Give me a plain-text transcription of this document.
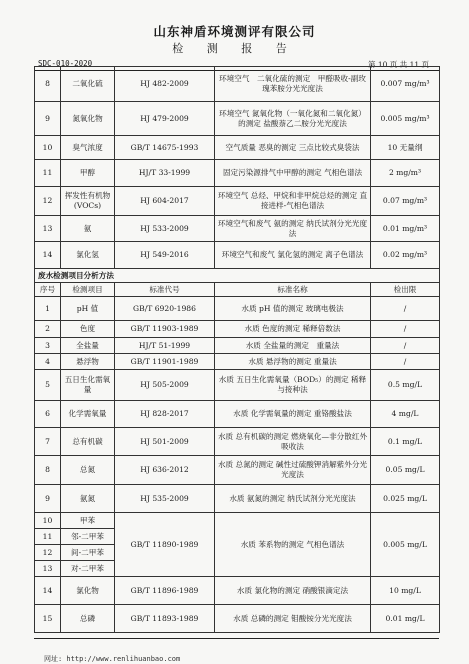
山东神盾环境测评有限公司
检 测 报 告
SDC-010-2020	第 10 页 共 11 页
8	二氧化硫	HJ 482-2009	环境空气　二氧化硫的测定　甲醛吸收-副玫瑰苯胺分光光度法	0.007 mg/m³
9	氮氧化物	HJ 479-2009	环境空气 氮氧化物（一氧化氮和二氧化氮）的测定 盐酸萘乙二胺分光光度法	0.005 mg/m³
10	臭气浓度	GB/T 14675-1993	空气质量 恶臭的测定 三点比较式臭袋法	10 无量纲
11	甲醇	HJ/T 33-1999	固定污染源排气中甲醇的测定 气相色谱法	2 mg/m³
12	挥发性有机物(VOCs)	HJ 604-2017	环境空气 总烃、甲烷和非甲烷总烃的测定 直接进样-气相色谱法	0.07 mg/m³
13	氨	HJ 533-2009	环境空气和废气 氨的测定 纳氏试剂分光光度法	0.01 mg/m³
14	氯化氢	HJ 549-2016	环境空气和废气 氯化氢的测定 离子色谱法	0.02 mg/m³
废水检测项目分析方法				
序号	检测项目	标准代号	标准名称	检出限
1	pH 值	GB/T 6920-1986	水质 pH 值的测定 玻璃电极法	/
2	色度	GB/T 11903-1989	水质 色度的测定 稀释倍数法	/
3	全盐量	HJ/T 51-1999	水质 全盐量的测定　重量法	/
4	悬浮物	GB/T 11901-1989	水质 悬浮物的测定 重量法	/
5	五日生化需氧量	HJ 505-2009	水质 五日生化需氧量（BOD₅）的测定 稀释与接种法	0.5 mg/L
6	化学需氧量	HJ 828-2017	水质 化学需氧量的测定 重铬酸盐法	4 mg/L
7	总有机碳	HJ 501-2009	水质 总有机碳的测定 燃烧氧化—非分散红外吸收法	0.1 mg/L
8	总氮	HJ 636-2012	水质 总氮的测定 碱性过硫酸钾消解紫外分光光度法	0.05 mg/L
9	氨氮	HJ 535-2009	水质 氨氮的测定 纳氏试剂分光光度法	0.025 mg/L
10	甲苯	GB/T 11890-1989	水质 苯系物的测定 气相色谱法	0.005 mg/L
11	邻-二甲苯			
12	间-二甲苯			
13	对-二甲苯			
14	氯化物	GB/T 11896-1989	水质 氯化物的测定 硝酸银滴定法	10 mg/L
15	总磷	GB/T 11893-1989	水质 总磷的测定 钼酸铵分光光度法	0.01 mg/L
网址: http://www.renlihuanbao.com
